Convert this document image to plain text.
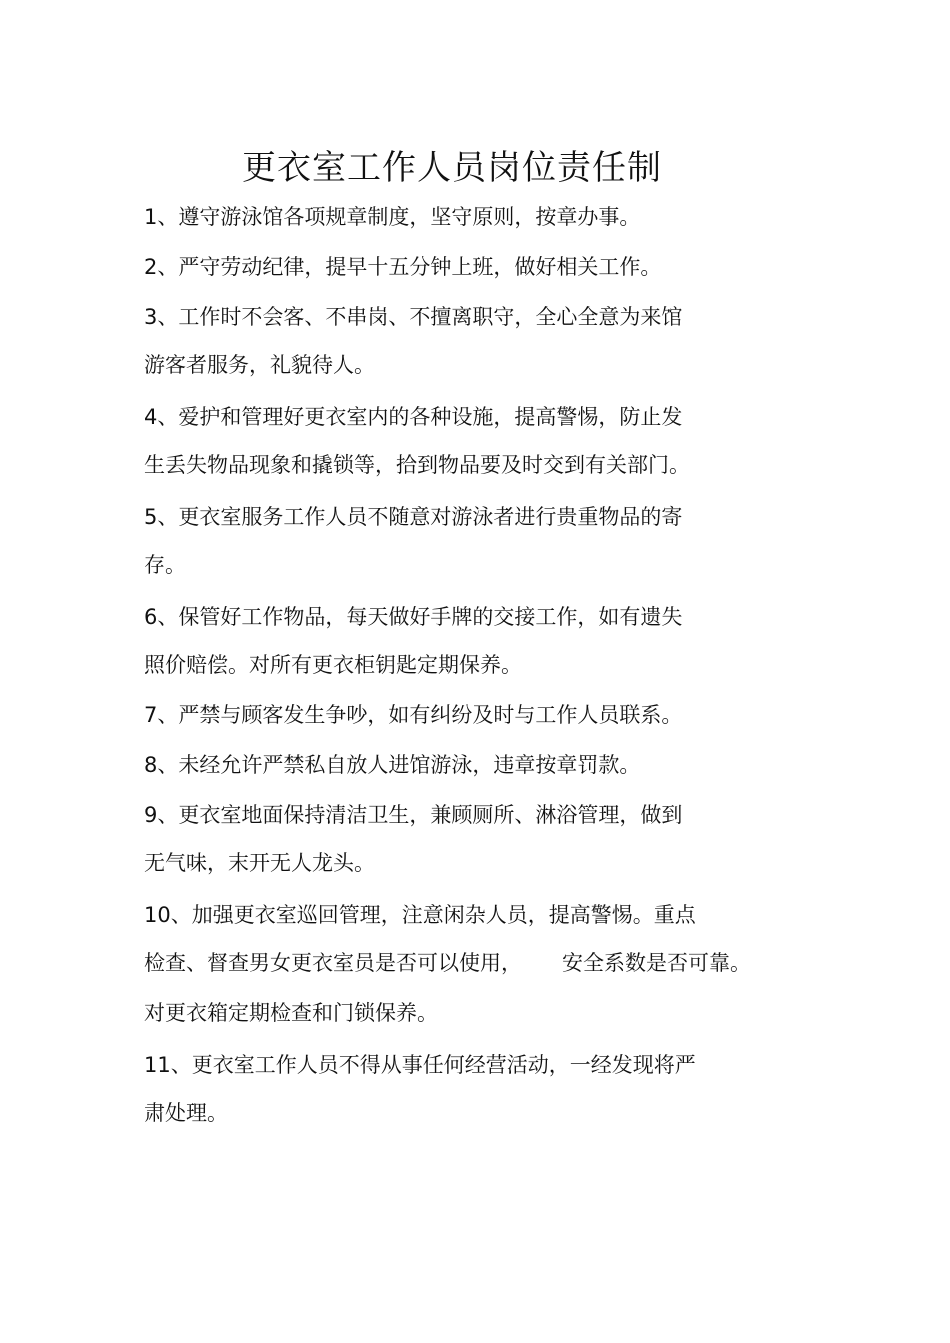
更衣室工作人员岗位责任制
1、遵守游泳馆各项规章制度，坚守原则，按章办事。
2、严守劳动纪律，提早十五分钟上班，做好相关工作。
3、工作时不会客、不串岗、不擅离职守，全心全意为来馆
游客者服务，礼貌待人。
4、爱护和管理好更衣室内的各种设施，提高警惕，防止发
生丢失物品现象和撬锁等，拾到物品要及时交到有关部门。
5、更衣室服务工作人员不随意对游泳者进行贵重物品的寄
存。
6、保管好工作物品，每天做好手牌的交接工作，如有遗失
照价赔偿。对所有更衣柜钥匙定期保养。
7、严禁与顾客发生争吵，如有纠纷及时与工作人员联系。
8、未经允许严禁私自放人进馆游泳，违章按章罚款。
9、更衣室地面保持清洁卫生，兼顾厕所、淋浴管理，做到
无气味，末开无人龙头。
10、加强更衣室巡回管理，注意闲杂人员，提高警惕。重点
检查、督查男女更衣室员是否可以使用， 安全系数是否可靠。
对更衣箱定期检查和门锁保养。
11、更衣室工作人员不得从事任何经营活动，一经发现将严
肃处理。
